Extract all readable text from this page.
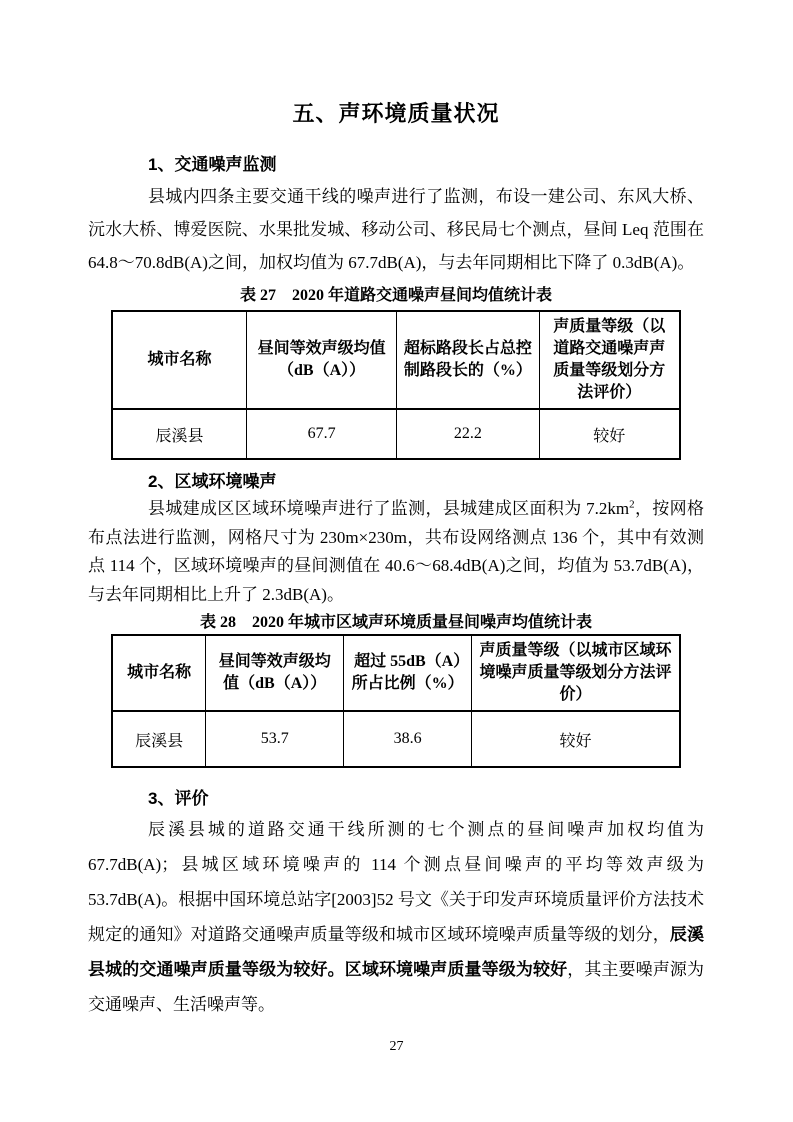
五、声环境质量状况
1、交通噪声监测

县城内四条主要交通干线的噪声进行了监测，布设一建公司、东风大桥、沅水大桥、博爱医院、水果批发城、移动公司、移民局七个测点，昼间 Leq 范围在 64.8～70.8dB(A)之间，加权均值为 67.7dB(A)，与去年同期相比下降了 0.3dB(A)。

表 27　2020 年道路交通噪声昼间均值统计表

城市名称	昼间等效声级均值（dB（A））	超标路段长占总控制路段长的（%）	声质量等级（以道路交通噪声声质量等级划分方法评价）
辰溪县	67.7	22.2	较好
2、区域环境噪声

县城建成区区域环境噪声进行了监测，县城建成区面积为 $7.2km^2$，按网格布点法进行监测，网格尺寸为 230m×230m，共布设网络测点 136 个，其中有效测点 114 个，区域环境噪声的昼间测值在 40.6～68.4dB(A)之间，均值为 53.7dB(A)，与去年同期相比上升了 2.3dB(A)。

表 28　2020 年城市区域声环境质量昼间噪声均值统计表

城市名称	昼间等效声级均值（dB（A））	超过 55dB（A）所占比例（%）	声质量等级（以城市区域环境噪声质量等级划分方法评价）
辰溪县	53.7	38.6	较好
3、评价

辰溪县城的道路交通干线所测的七个测点的昼间噪声加权均值为 67.7dB(A)；县城区域环境噪声的 114 个测点昼间噪声的平均等效声级为 53.7dB(A)。根据中国环境总站字[2003]52 号文《关于印发声环境质量评价方法技术规定的通知》对道路交通噪声质量等级和城市区域环境噪声质量等级的划分，辰溪县城的交通噪声质量等级为较好。区域环境噪声质量等级为较好，其主要噪声源为交通噪声、生活噪声等。

27
